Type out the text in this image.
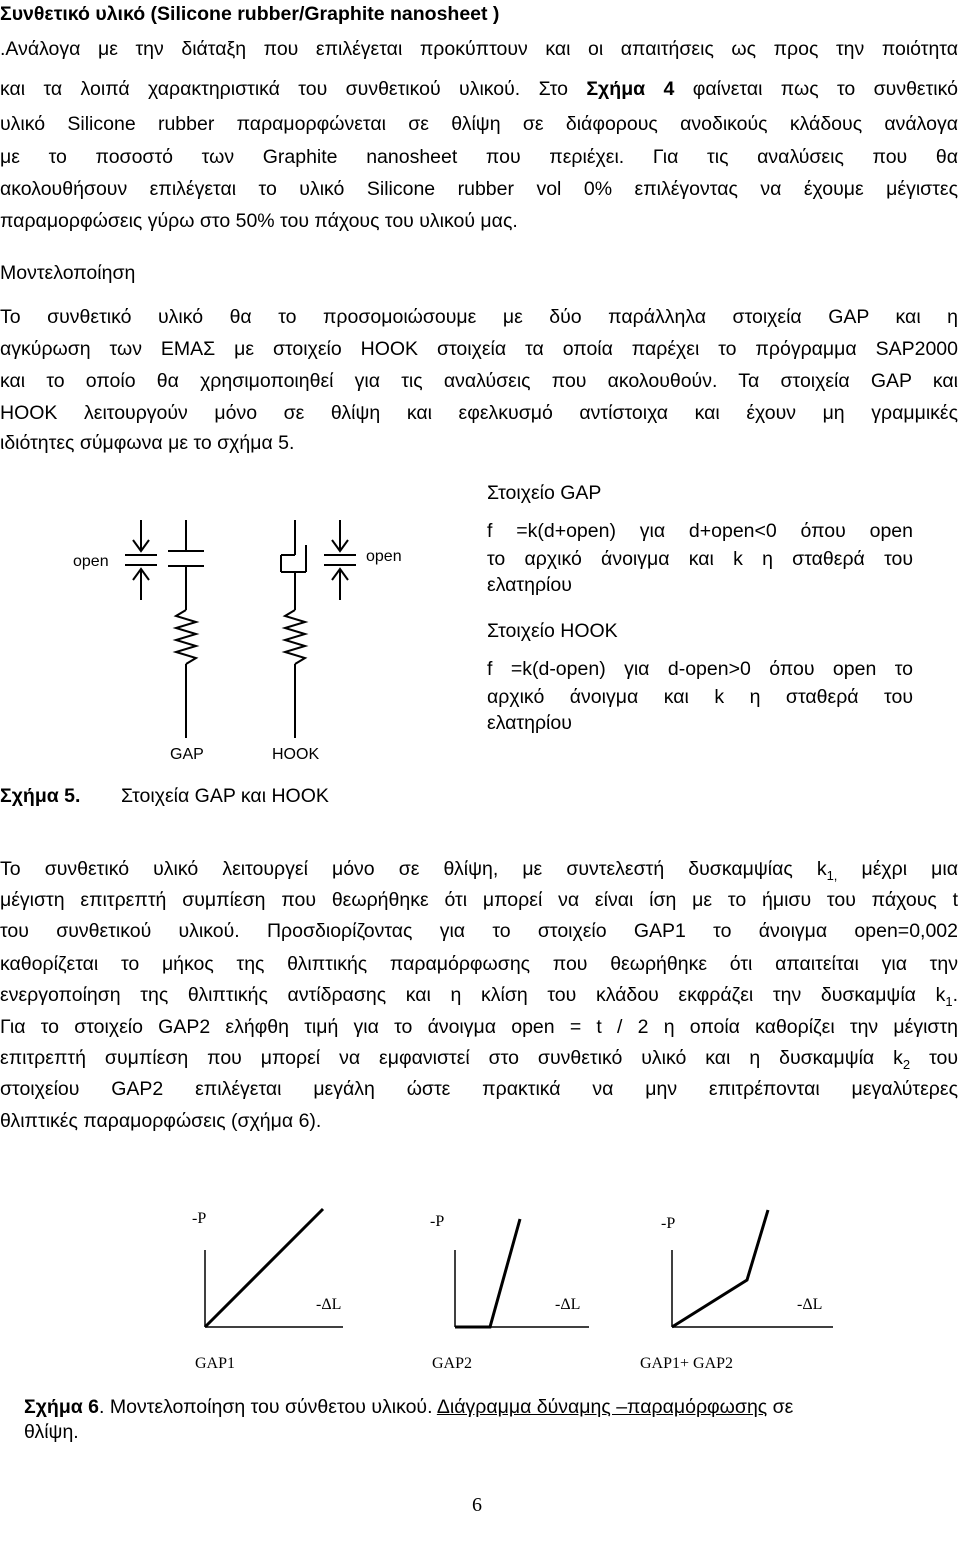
Συνθετικό υλικό (Silicone rubber/Graphite nanosheet )
.Ανάλογα με την διάταξη που επιλέγεται προκύπτουν και οι απαιτήσεις ως προς την ποιότητα
και τα λοιπά χαρακτηριστικά του συνθετικού υλικού. Στο Σχήμα 4 φαίνεται πως το συνθετικό
υλικό Silicone rubber παραμορφώνεται σε θλίψη σε διάφορους ανοδικούς κλάδους ανάλογα
με το ποσοστό των Graphite nanosheet που περιέχει. Για τις αναλύσεις που θα
ακολουθήσουν επιλέγεται το υλικό Silicone rubber vol 0% επιλέγοντας να έχουμε μέγιστες
παραμορφώσεις γύρω στο 50% του πάχους του υλικού μας.
Μοντελοποίηση
Το συνθετικό υλικό θα το προσομοιώσουμε με δύο παράλληλα στοιχεία GAP και η
αγκύρωση των ΕΜΑΣ με στοιχείο HOOK στοιχεία τα οποία παρέχει το πρόγραμμα SAP2000
και το οποίο θα χρησιμοποιηθεί για τις αναλύσεις που ακολουθούν. Τα στοιχεία GAP και
HOOK λειτουργούν μόνο σε θλίψη και εφελκυσμό αντίστοιχα και έχουν μη γραμμικές
ιδιότητες σύμφωνα με το σχήμα 5.
open	open
GAP	HOOK
Στοιχείο GAP
f =k(d+open) για d+open<0 όπου open
το αρχικό άνοιγμα και k η σταθερά του
ελατηρίου
Στοιχείο HOOK
f =k(d-open) για d-open>0 όπου open το
αρχικό άνοιγμα και k η σταθερά του
ελατηρίου
Σχήμα 5. Στοιχεία GAP και HOOK
Το συνθετικό υλικό λειτουργεί μόνο σε θλίψη, με συντελεστή δυσκαμψίας $k_{1,}$ μέχρι μια
μέγιστη επιτρεπτή συμπίεση που θεωρήθηκε ότι μπορεί να είναι ίση με το ήμισυ του πάχους t
του συνθετικού υλικού. Προσδιορίζοντας για το στοιχείο GAP1 το άνοιγμα open=0,002
καθορίζεται το μήκος της θλιπτικής παραμόρφωσης που θεωρήθηκε ότι απαιτείται για την
ενεργοποίηση της θλιπτικής αντίδρασης και η κλίση του κλάδου εκφράζει την δυσκαμψία $k_1$.
Για το στοιχείο GAP2 ελήφθη τιμή για το άνοιγμα open = t / 2 η οποία καθορίζει την μέγιστη
επιτρεπτή συμπίεση που μπορεί να εμφανιστεί στο συνθετικό υλικό και η δυσκαμψία $k_2$ του
στοιχείου GAP2 επιλέγεται μεγάλη ώστε πρακτικά να μην επιτρέπονται μεγαλύτερες
θλιπτικές παραμορφώσεις (σχήμα 6).
-P
-ΔL
GAP1
-P
-ΔL
GAP2
-P
-ΔL
GAP1+ GAP2
Σχήμα 6. Μοντελοποίηση του σύνθετου υλικού. Διάγραμμα δύναμης –παραμόρφωσης σε
θλίψη.
6
